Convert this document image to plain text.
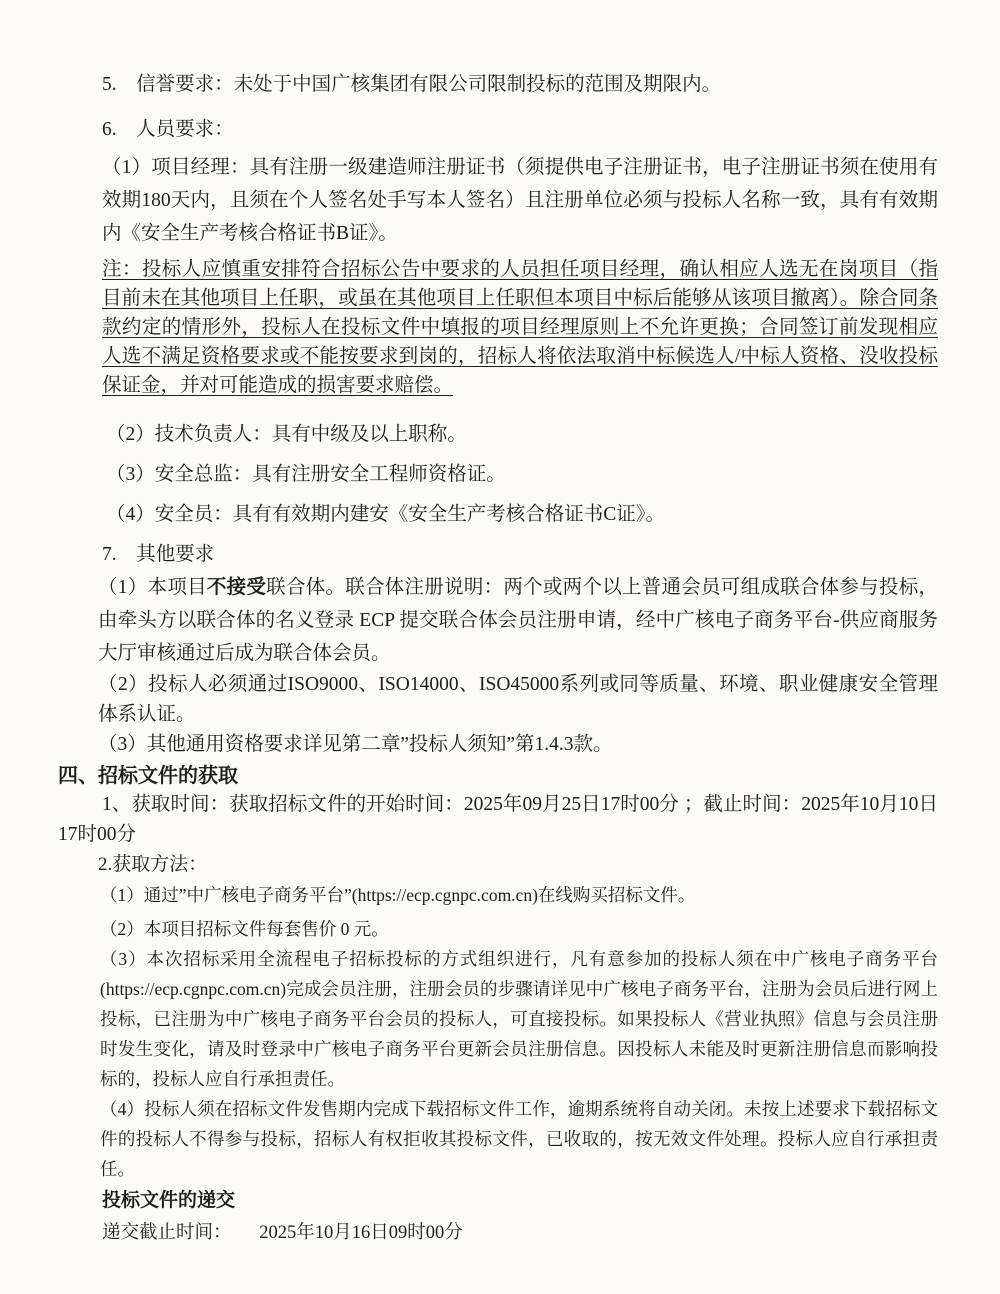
5.　信誉要求：未处于中国广核集团有限公司限制投标的范围及期限内。

6.　人员要求：

（1）项目经理：具有注册一级建造师注册证书（须提供电子注册证书，电子注册证书须在使用有效期180天内，且须在个人签名处手写本人签名）且注册单位必须与投标人名称一致，具有有效期内《安全生产考核合格证书B证》。

注：投标人应慎重安排符合招标公告中要求的人员担任项目经理，确认相应人选无在岗项目（指目前未在其他项目上任职，或虽在其他项目上任职但本项目中标后能够从该项目撤离）。除合同条款约定的情形外，投标人在投标文件中填报的项目经理原则上不允许更换；合同签订前发现相应人选不满足资格要求或不能按要求到岗的，招标人将依法取消中标候选人/中标人资格、没收投标保证金，并对可能造成的损害要求赔偿。

（2）技术负责人：具有中级及以上职称。

（3）安全总监：具有注册安全工程师资格证。

（4）安全员：具有有效期内建安《安全生产考核合格证书C证》。

7.　其他要求

（1）本项目不接受联合体。联合体注册说明：两个或两个以上普通会员可组成联合体参与投标，由牵头方以联合体的名义登录 ECP 提交联合体会员注册申请，经中广核电子商务平台-供应商服务大厅审核通过后成为联合体会员。

（2）投标人必须通过ISO9000、ISO14000、ISO45000系列或同等质量、环境、职业健康安全管理体系认证。

（3）其他通用资格要求详见第二章”投标人须知”第1.4.3款。

四、招标文件的获取

1、获取时间：获取招标文件的开始时间：2025年09月25日17时00分 ；截止时间：2025年10月10日17时00分

2.获取方法：

（1）通过”中广核电子商务平台”(https://ecp.cgnpc.com.cn)在线购买招标文件。

（2）本项目招标文件每套售价 0 元。

（3）本次招标采用全流程电子招标投标的方式组织进行，凡有意参加的投标人须在中广核电子商务平台(https://ecp.cgnpc.com.cn)完成会员注册，注册会员的步骤请详见中广核电子商务平台，注册为会员后进行网上投标，已注册为中广核电子商务平台会员的投标人，可直接投标。如果投标人《营业执照》信息与会员注册时发生变化，请及时登录中广核电子商务平台更新会员注册信息。因投标人未能及时更新注册信息而影响投标的，投标人应自行承担责任。

（4）投标人须在招标文件发售期内完成下载招标文件工作，逾期系统将自动关闭。未按上述要求下载招标文件的投标人不得参与投标，招标人有权拒收其投标文件，已收取的，按无效文件处理。投标人应自行承担责任。

投标文件的递交

递交截止时间：　　2025年10月16日09时00分
